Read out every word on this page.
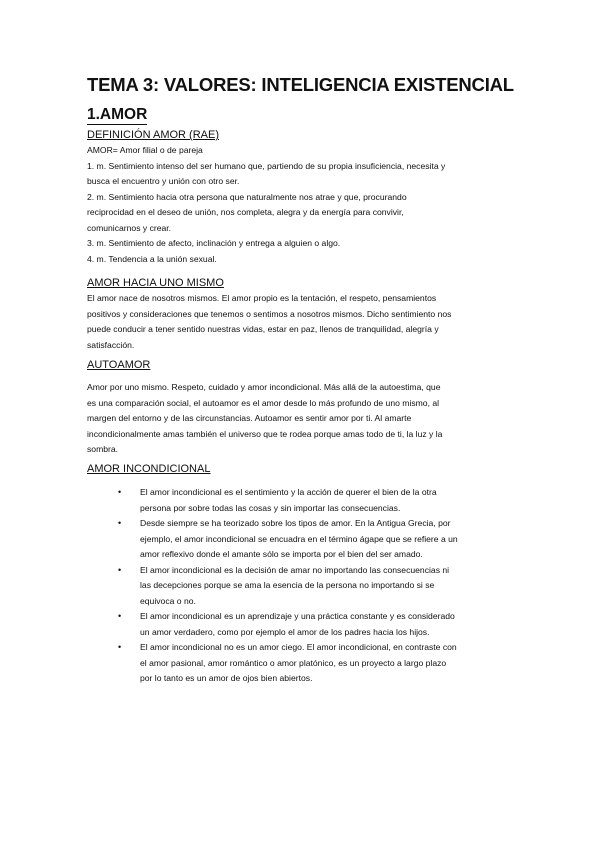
TEMA 3: VALORES: INTELIGENCIA EXISTENCIAL
1.AMOR
DEFINICIÓN AMOR (RAE)
AMOR= Amor filial o de pareja
1. m. Sentimiento intenso del ser humano que, partiendo de su propia insuficiencia, necesita y
busca el encuentro y unión con otro ser.
2. m. Sentimiento hacia otra persona que naturalmente nos atrae y que, procurando
reciprocidad en el deseo de unión, nos completa, alegra y da energía para convivir,
comunicarnos y crear.
3. m. Sentimiento de afecto, inclinación y entrega a alguien o algo.
4. m. Tendencia a la unión sexual.
AMOR HACIA UNO MISMO
El amor nace de nosotros mismos. El amor propio es la tentación, el respeto, pensamientos
positivos y consideraciones que tenemos o sentimos a nosotros mismos. Dicho sentimiento nos
puede conducir a tener sentido nuestras vidas, estar en paz, llenos de tranquilidad, alegría y
satisfacción.
AUTOAMOR
Amor por uno mismo. Respeto, cuidado y amor incondicional. Más allá de la autoestima, que
es una comparación social, el autoamor es el amor desde lo más profundo de uno mismo, al
margen del entorno y de las circunstancias. Autoamor es sentir amor por ti. Al amarte
incondicionalmente amas también el universo que te rodea porque amas todo de ti, la luz y la
sombra.
AMOR INCONDICIONAL
• El amor incondicional es el sentimiento y la acción de querer el bien de la otra
persona por sobre todas las cosas y sin importar las consecuencias.
• Desde siempre se ha teorizado sobre los tipos de amor. En la Antigua Grecia, por
ejemplo, el amor incondicional se encuadra en el término ágape que se refiere a un
amor reflexivo donde el amante sólo se importa por el bien del ser amado.
• El amor incondicional es la decisión de amar no importando las consecuencias ni
las decepciones porque se ama la esencia de la persona no importando si se
equivoca o no.
• El amor incondicional es un aprendizaje y una práctica constante y es considerado
un amor verdadero, como por ejemplo el amor de los padres hacia los hijos.
• El amor incondicional no es un amor ciego. El amor incondicional, en contraste con
el amor pasional, amor romántico o amor platónico, es un proyecto a largo plazo
por lo tanto es un amor de ojos bien abiertos.
